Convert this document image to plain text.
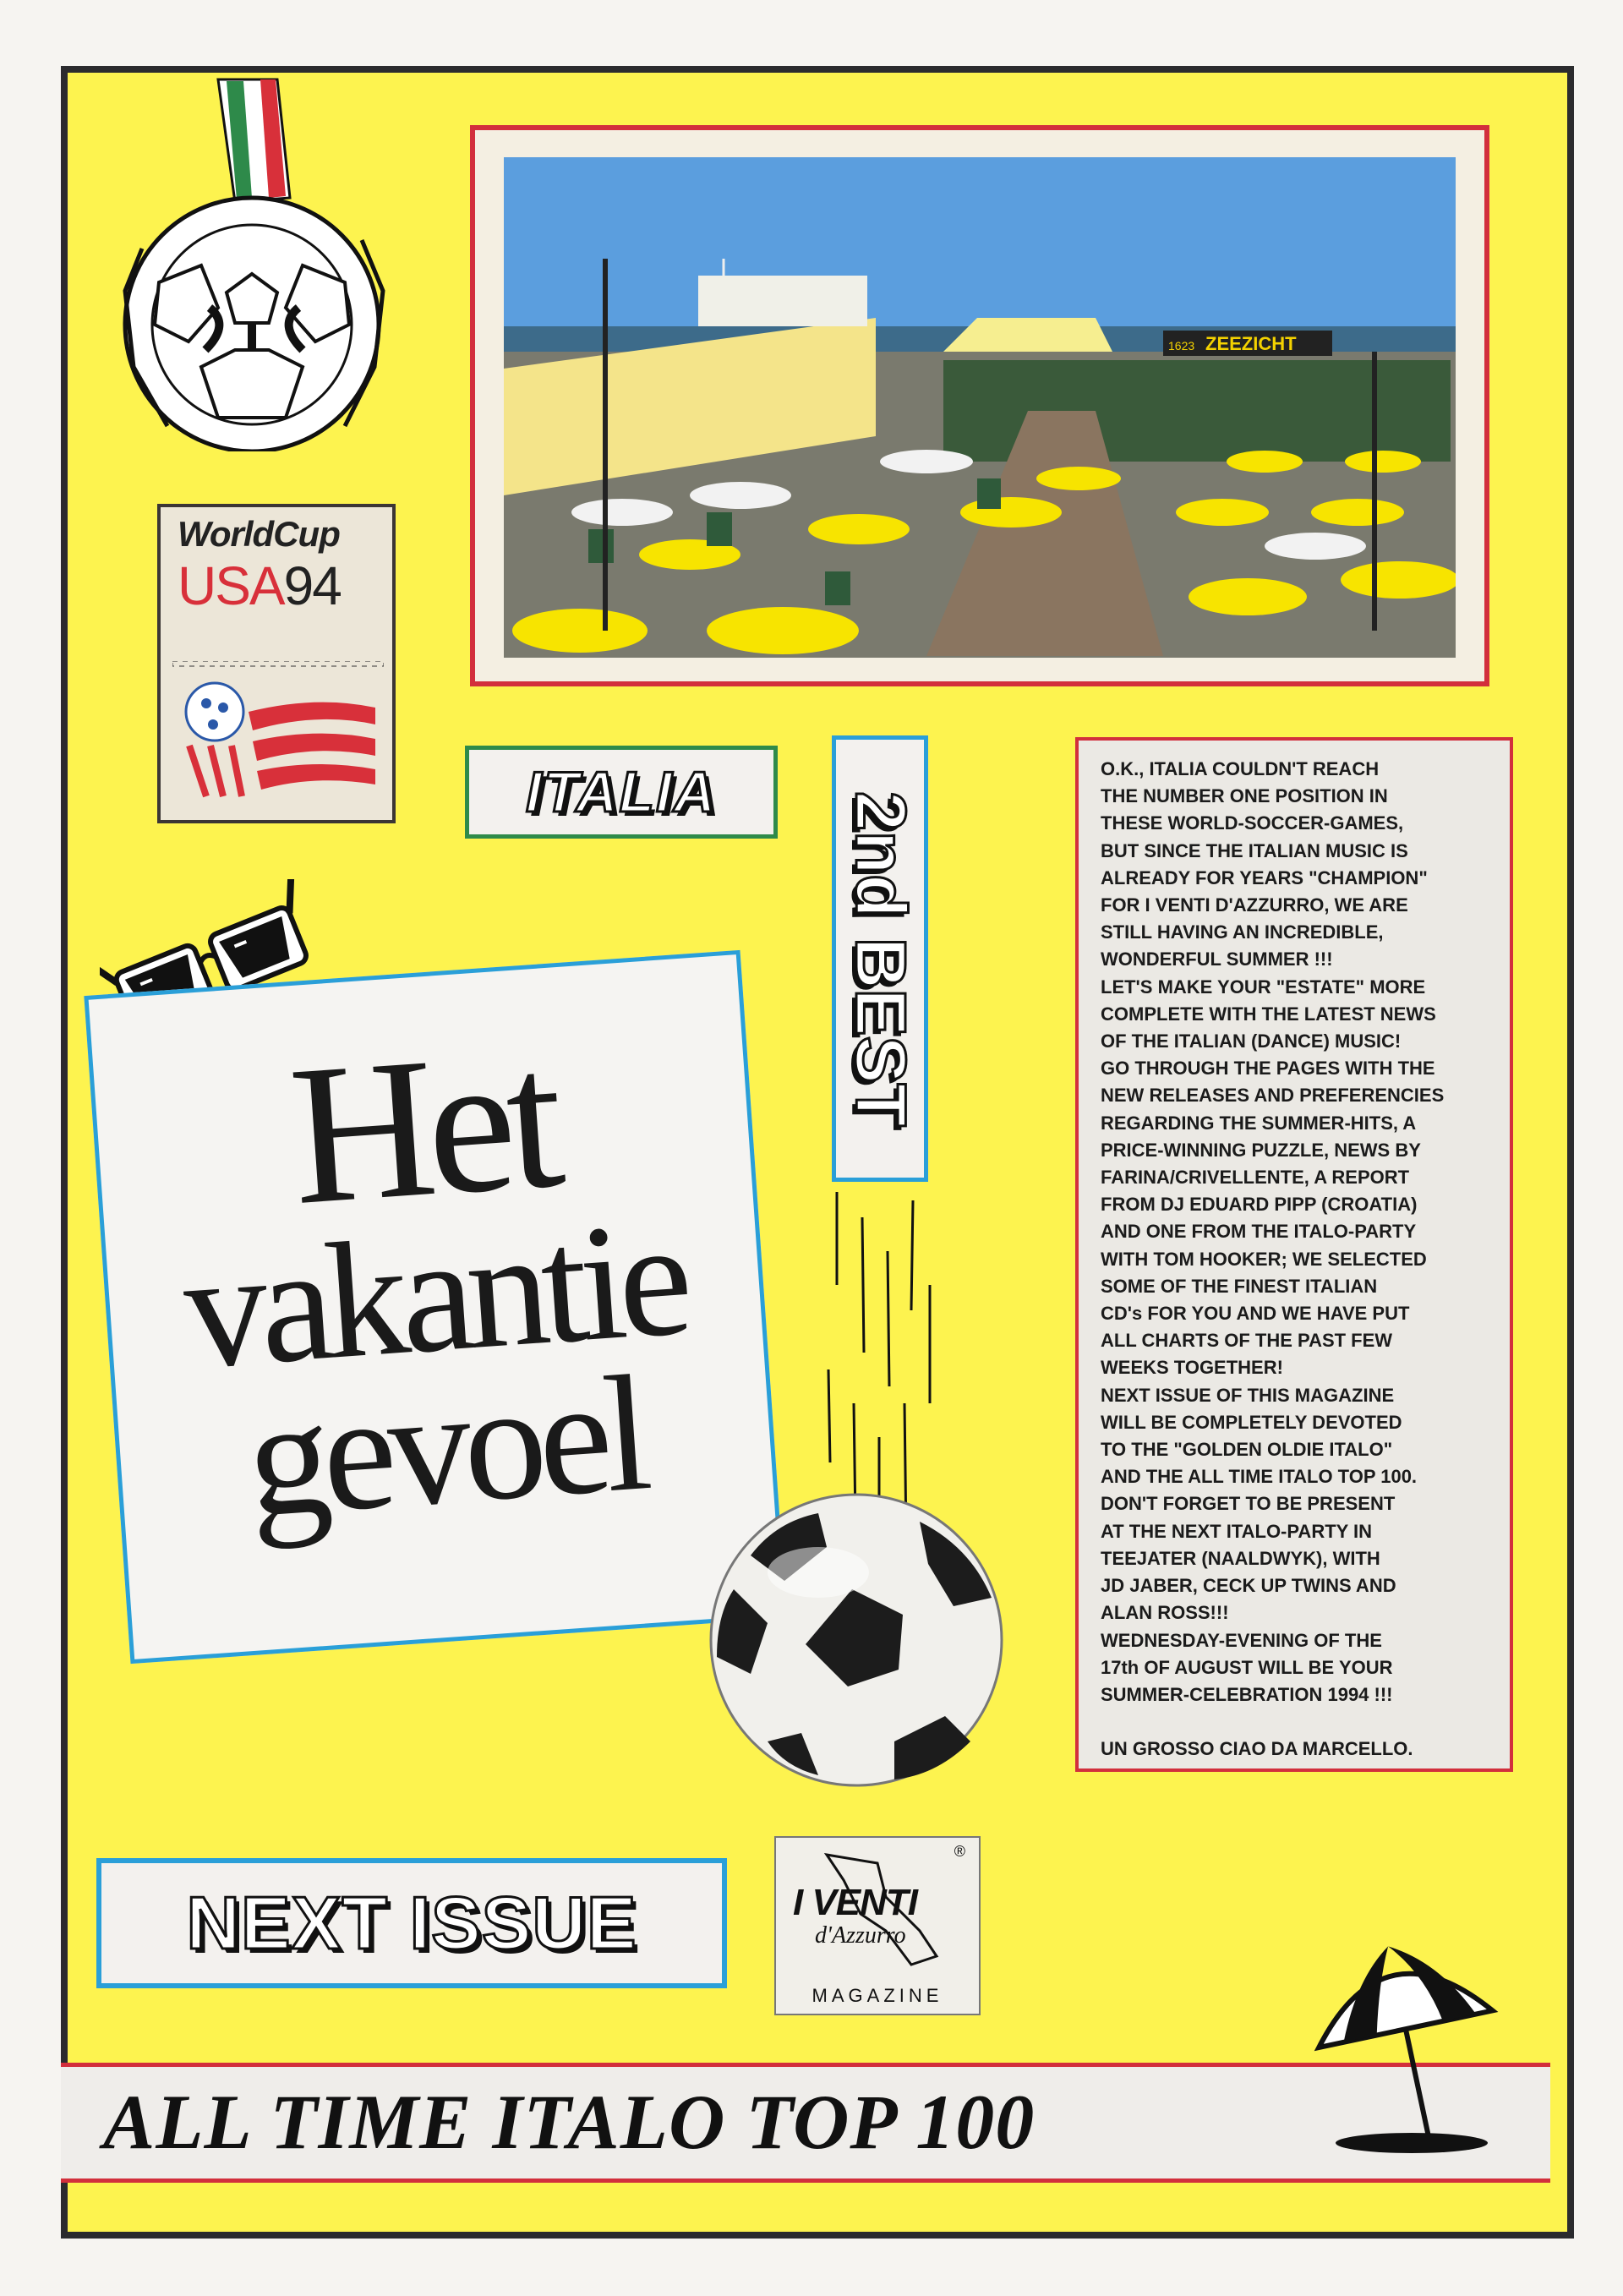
ZEEZICHT
1623
WorldCup
USA94
ITALIA 2nd BEST
Het
vakantie
gevoel

O.K., ITALIA COULDN'T REACH
THE NUMBER ONE POSITION IN
THESE WORLD-SOCCER-GAMES,
BUT SINCE THE ITALIAN MUSIC IS
ALREADY FOR YEARS "CHAMPION"
FOR I VENTI D'AZZURRO, WE ARE
STILL HAVING AN INCREDIBLE,
WONDERFUL SUMMER !!!
LET'S MAKE YOUR "ESTATE" MORE
COMPLETE WITH THE LATEST NEWS
OF THE ITALIAN (DANCE) MUSIC!
GO THROUGH THE PAGES WITH THE
NEW RELEASES AND PREFERENCIES
REGARDING THE SUMMER-HITS, A
PRICE-WINNING PUZZLE, NEWS BY
FARINA/CRIVELLENTE, A REPORT
FROM DJ EDUARD PIPP (CROATIA)
AND ONE FROM THE ITALO-PARTY
WITH TOM HOOKER; WE SELECTED
SOME OF THE FINEST ITALIAN
CD's FOR YOU AND WE HAVE PUT
ALL CHARTS OF THE PAST FEW
WEEKS TOGETHER!
NEXT ISSUE OF THIS MAGAZINE
WILL BE COMPLETELY DEVOTED
TO THE "GOLDEN OLDIE ITALO"
AND THE ALL TIME ITALO TOP 100.
DON'T FORGET TO BE PRESENT
AT THE NEXT ITALO-PARTY IN
TEEJATER (NAALDWYK), WITH
JD JABER, CECK UP TWINS AND
ALAN ROSS!!!
WEDNESDAY-EVENING OF THE
17th OF AUGUST WILL BE YOUR
SUMMER-CELEBRATION 1994 !!!

UN GROSSO CIAO DA MARCELLO.

NEXT ISSUE
®
I VENTI
d'Azzurro
MAGAZINE
ALL TIME ITALO TOP 100
